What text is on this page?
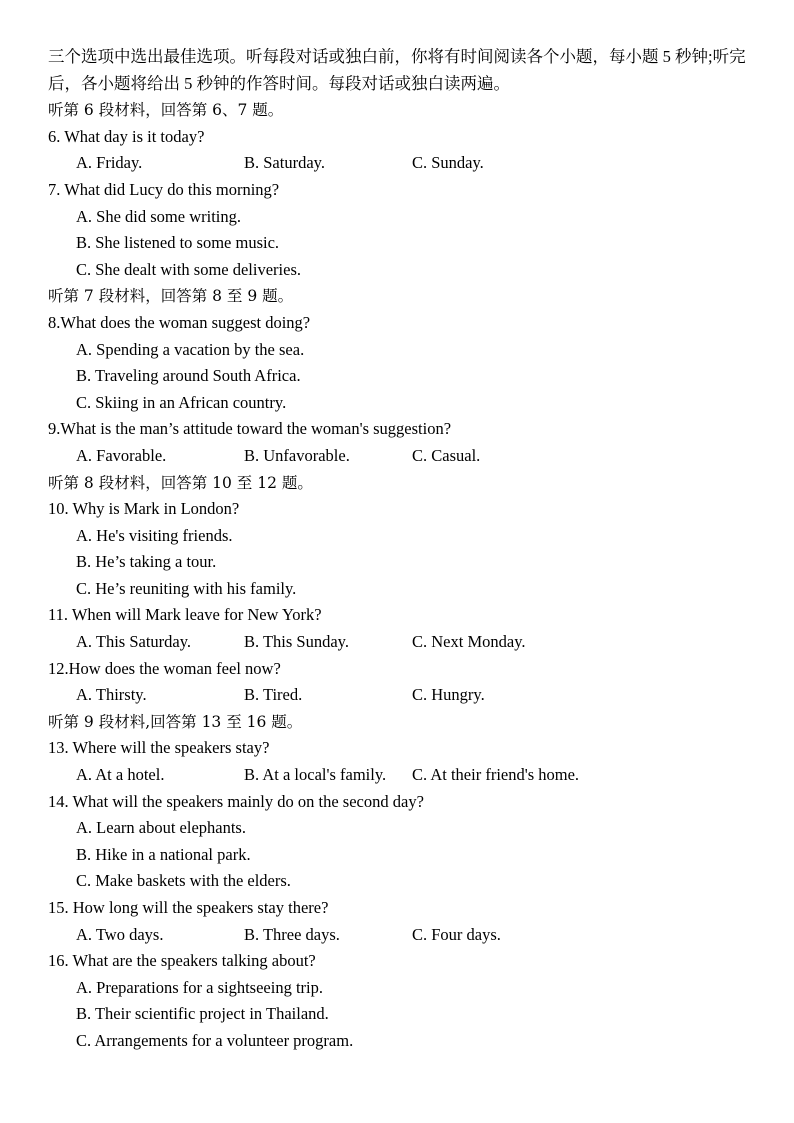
三个选项中选出最佳选项。听每段对话或独白前，你将有时间阅读各个小题，每小题 5 秒钟;听完后，各小题将给出 5 秒钟的作答时间。每段对话或独白读两遍。
听第 6 段材料，回答第 6、7 题。
6. What day is it today?
A. Friday.	B. Saturday.	C. Sunday.
7. What did Lucy do this morning?
A. She did some writing.
B. She listened to some music.
C. She dealt with some deliveries.
听第 7 段材料，回答第 8 至 9 题。
8.What does the woman suggest doing?
A. Spending a vacation by the sea.
B. Traveling around South Africa.
C. Skiing in an African country.
9.What is the man’s attitude toward the woman's suggestion?
A. Favorable.	B. Unfavorable.	C. Casual.
听第 8 段材料，回答第 10 至 12 题。
10. Why is Mark in London?
A. He's visiting friends.
B. He’s taking a tour.
C. He’s reuniting with his family.
11. When will Mark leave for New York?
A. This Saturday.	B. This Sunday.	C. Next Monday.
12.How does the woman feel now?
A. Thirsty.	B. Tired.	C. Hungry.
听第 9 段材料,回答第 13 至 16 题。
13. Where will the speakers stay?
A. At a hotel.	B. At a local's family.	C. At their friend's home.
14. What will the speakers mainly do on the second day?
A. Learn about elephants.
B. Hike in a national park.
C. Make baskets with the elders.
15. How long will the speakers stay there?
A. Two days.	B. Three days.	C. Four days.
16. What are the speakers talking about?
A. Preparations for a sightseeing trip.
B. Their scientific project in Thailand.
C. Arrangements for a volunteer program.
